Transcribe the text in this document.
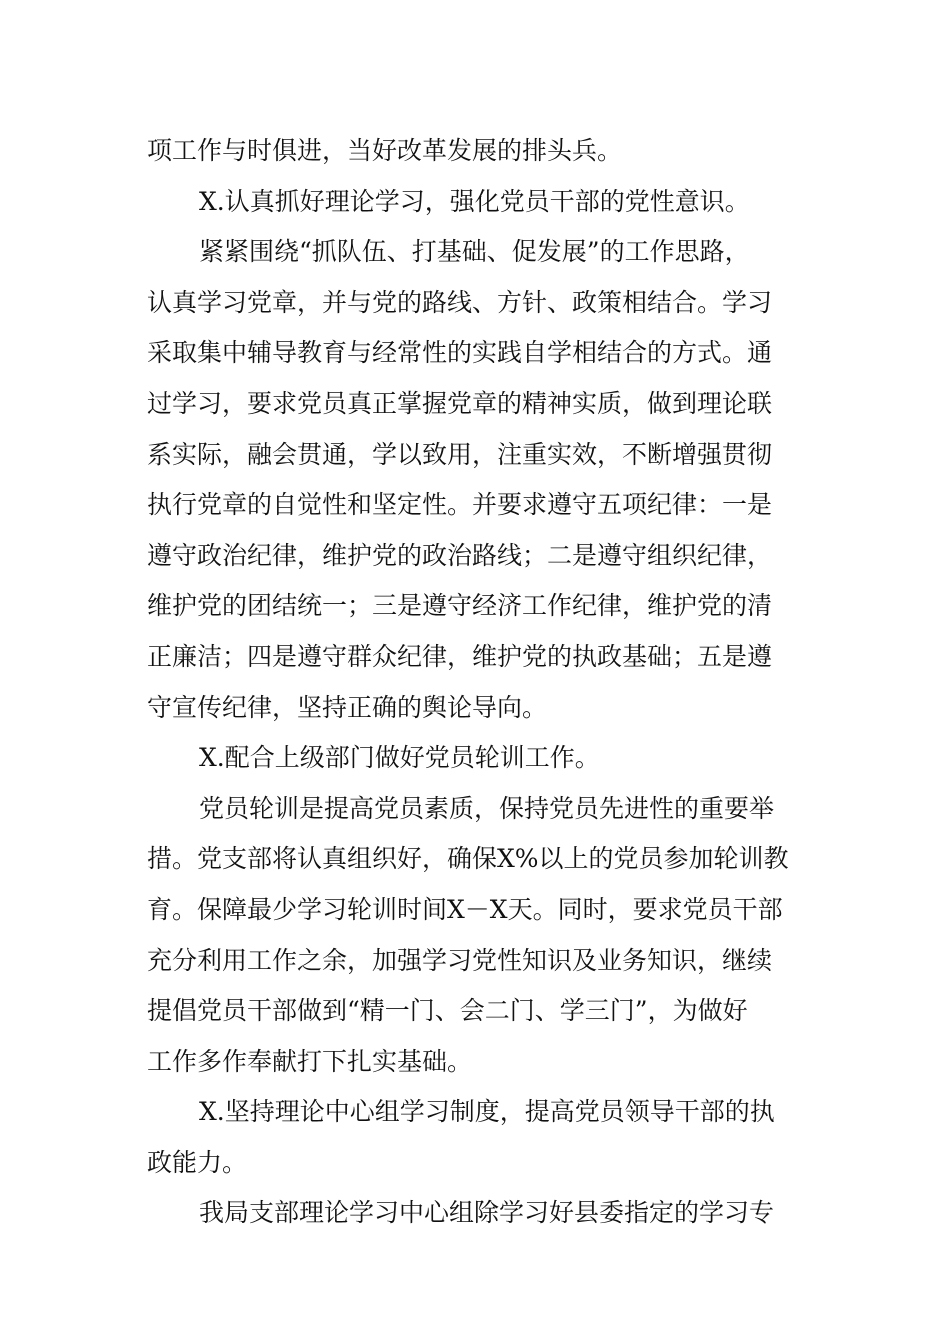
项工作与时俱进，当好改革发展的排头兵。
X.认真抓好理论学习，强化党员干部的党性意识。
紧紧围绕“抓队伍、打基础、促发展”的工作思路，
认真学习党章，并与党的路线、方针、政策相结合。学习
采取集中辅导教育与经常性的实践自学相结合的方式。通
过学习，要求党员真正掌握党章的精神实质，做到理论联
系实际，融会贯通，学以致用，注重实效，不断增强贯彻
执行党章的自觉性和坚定性。并要求遵守五项纪律：一是
遵守政治纪律，维护党的政治路线；二是遵守组织纪律，
维护党的团结统一；三是遵守经济工作纪律，维护党的清
正廉洁；四是遵守群众纪律，维护党的执政基础；五是遵
守宣传纪律，坚持正确的舆论导向。
X.配合上级部门做好党员轮训工作。
党员轮训是提高党员素质，保持党员先进性的重要举
措。党支部将认真组织好，确保X%以上的党员参加轮训教
育。保障最少学习轮训时间X－X天。同时，要求党员干部
充分利用工作之余，加强学习党性知识及业务知识，继续
提倡党员干部做到“精一门、会二门、学三门”，为做好
工作多作奉献打下扎实基础。
X.坚持理论中心组学习制度，提高党员领导干部的执
政能力。
我局支部理论学习中心组除学习好县委指定的学习专
